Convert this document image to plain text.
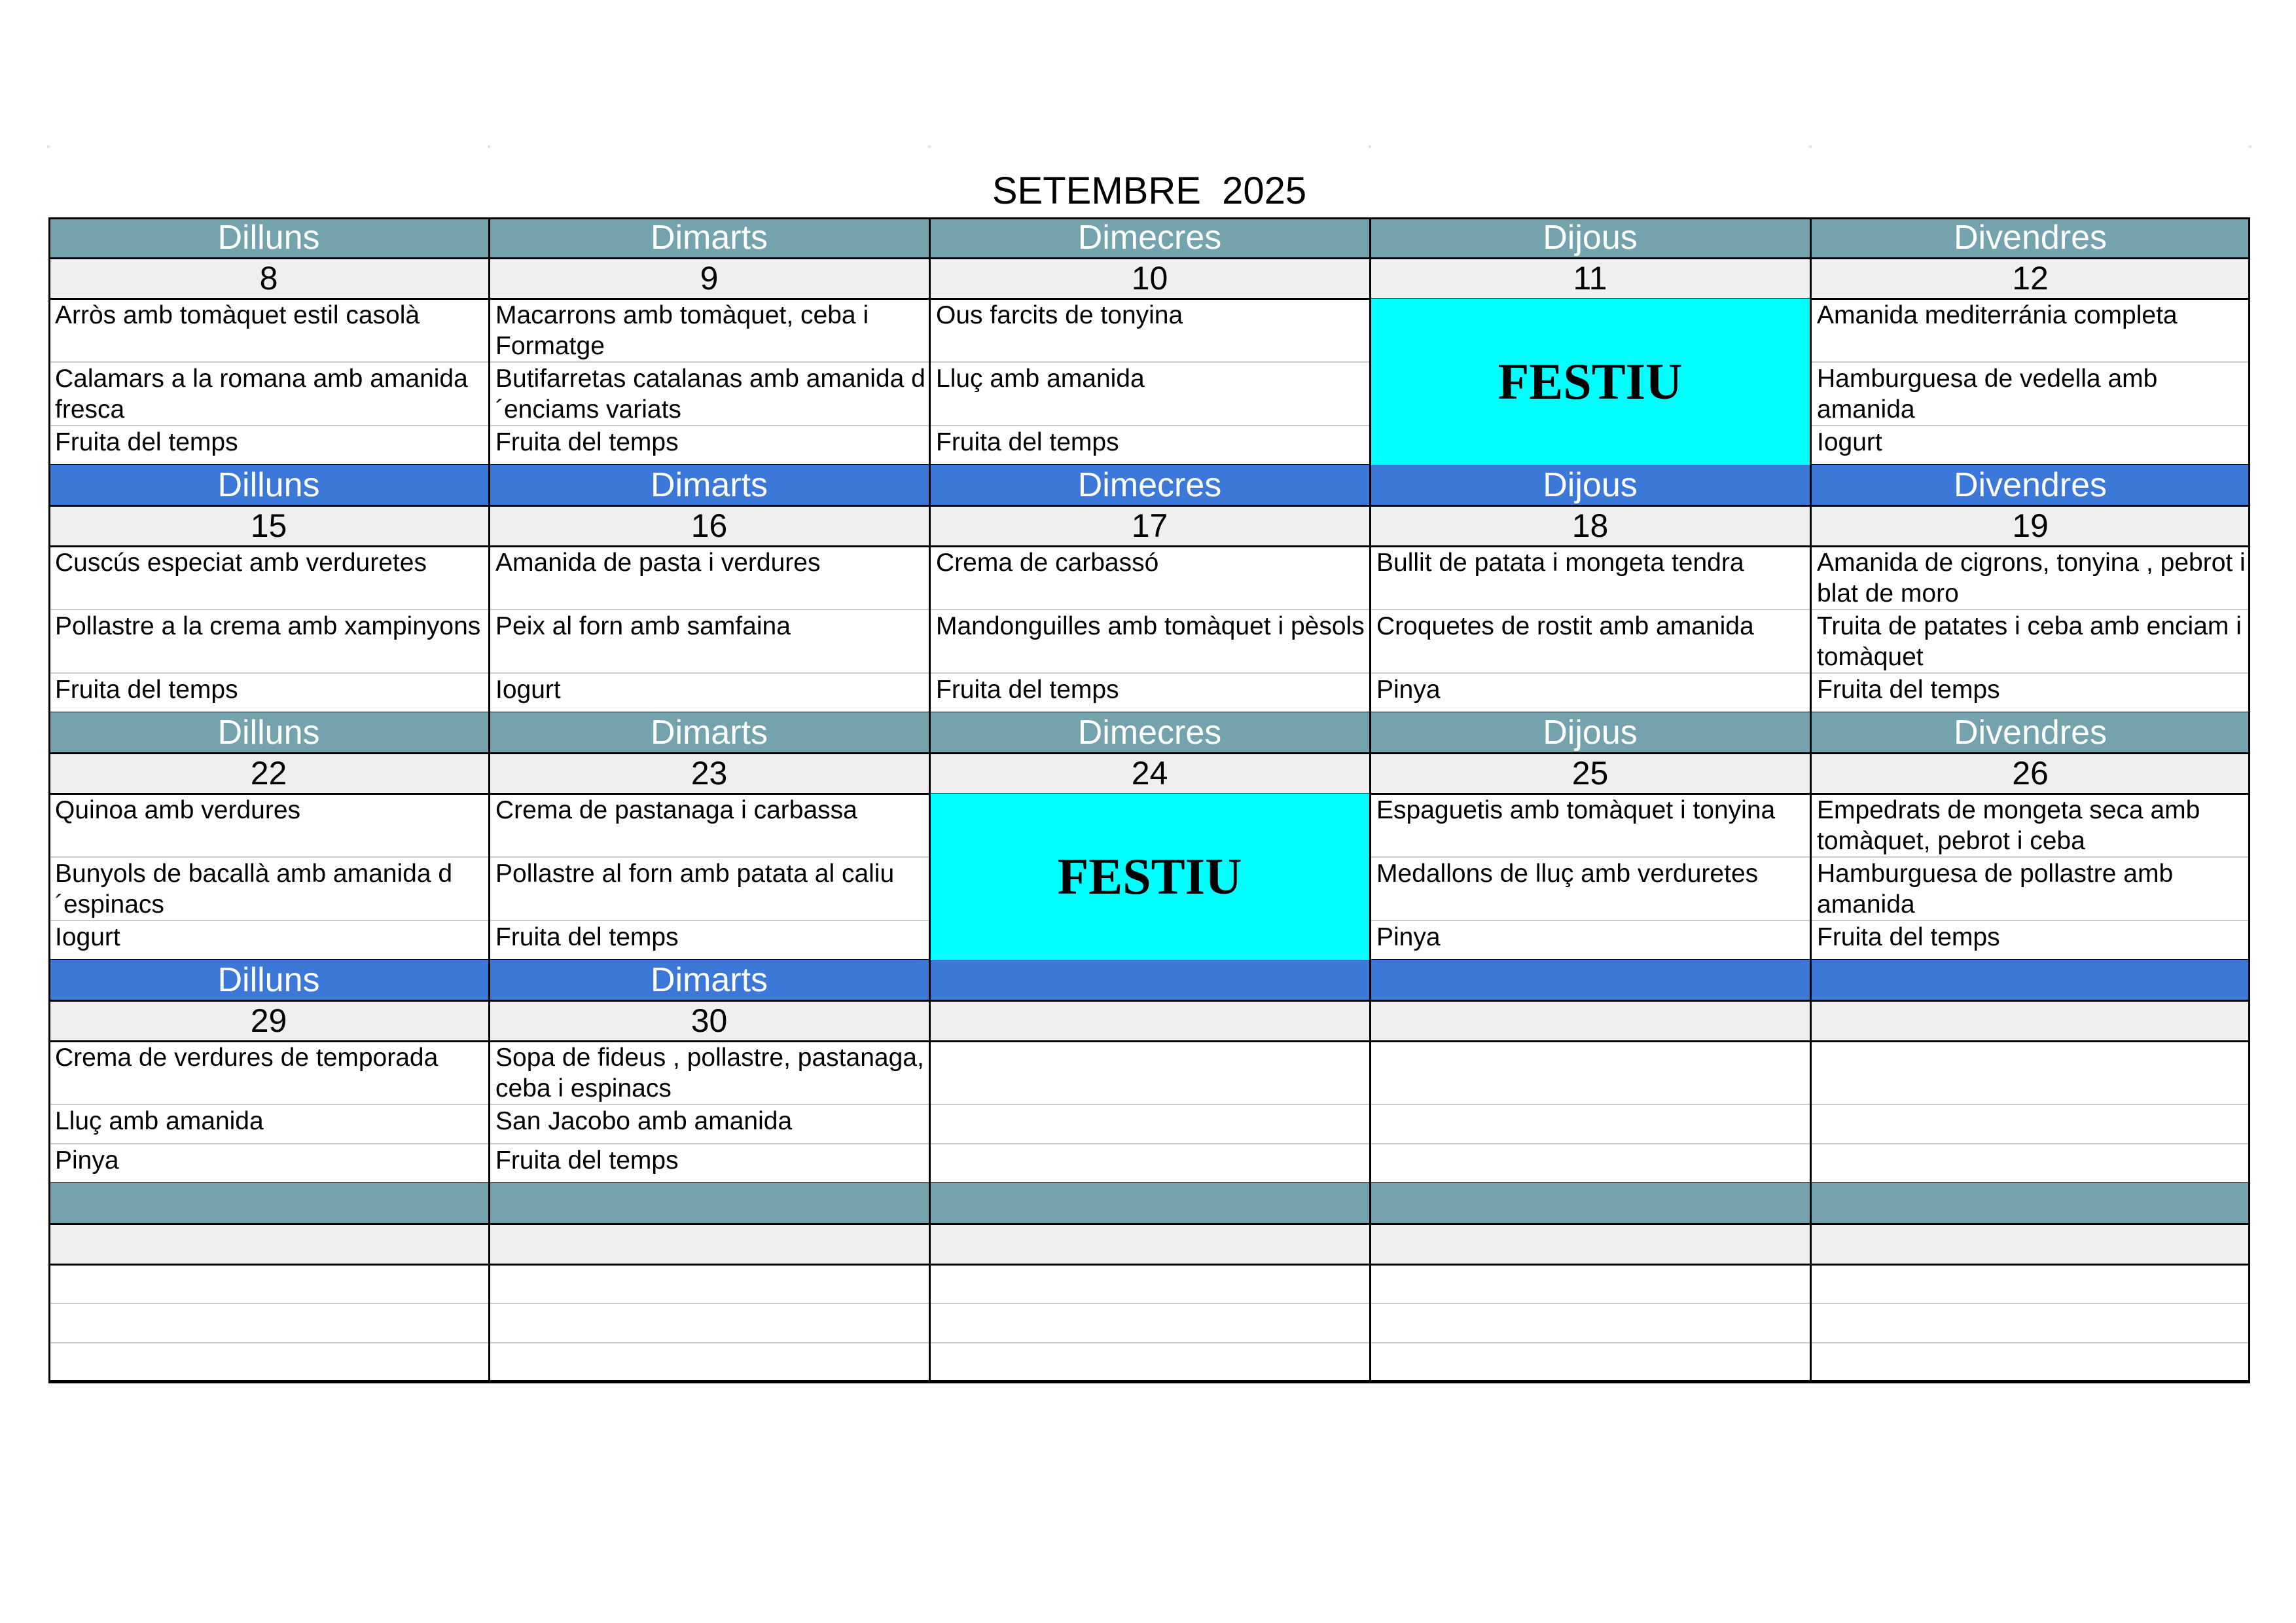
SETEMBRE  2025
Dilluns
8
Arròs amb tomàquet estil casolà
Calamars a la romana amb amanida fresca
Fruita del temps
Dimarts
9
Macarrons amb tomàquet, ceba i Formatge
Butifarretas catalanas amb amanida d´enciams variats
Fruita del temps
Dimecres
10
Ous farcits de tonyina
Lluç amb amanida
Fruita del temps
Dijous
11
Divendres
12
Amanida mediterránia completa
Hamburguesa de vedella amb amanida
Iogurt
Dilluns
15
Cuscús especiat amb verduretes
Pollastre a la crema amb xampinyons
Fruita del temps
Dimarts
16
Amanida de pasta i verdures
Peix al forn amb samfaina
Iogurt
Dimecres
17
Crema de carbassó
Mandonguilles amb tomàquet i pèsols
Fruita del temps
Dijous
18
Bullit de patata i mongeta tendra
Croquetes de rostit amb amanida
Pinya
Divendres
19
Amanida de cigrons, tonyina , pebrot i blat de moro
Truita de patates i ceba amb enciam i tomàquet
Fruita del temps
Dilluns
22
Quinoa amb verdures
Bunyols de bacallà amb amanida d´espinacs
Iogurt
Dimarts
23
Crema de pastanaga i carbassa
Pollastre al forn amb patata al caliu
Fruita del temps
Dimecres
24
Dijous
25
Espaguetis amb tomàquet i tonyina
Medallons de lluç amb verduretes
Pinya
Divendres
26
Empedrats de mongeta seca amb tomàquet, pebrot i ceba
Hamburguesa de pollastre amb amanida
Fruita del temps
Dilluns
29
Crema de verdures de temporada
Lluç amb amanida
Pinya
Dimarts
30
Sopa de fideus , pollastre, pastanaga, ceba i espinacs
San Jacobo amb amanida
Fruita del temps
FESTIU
FESTIU
